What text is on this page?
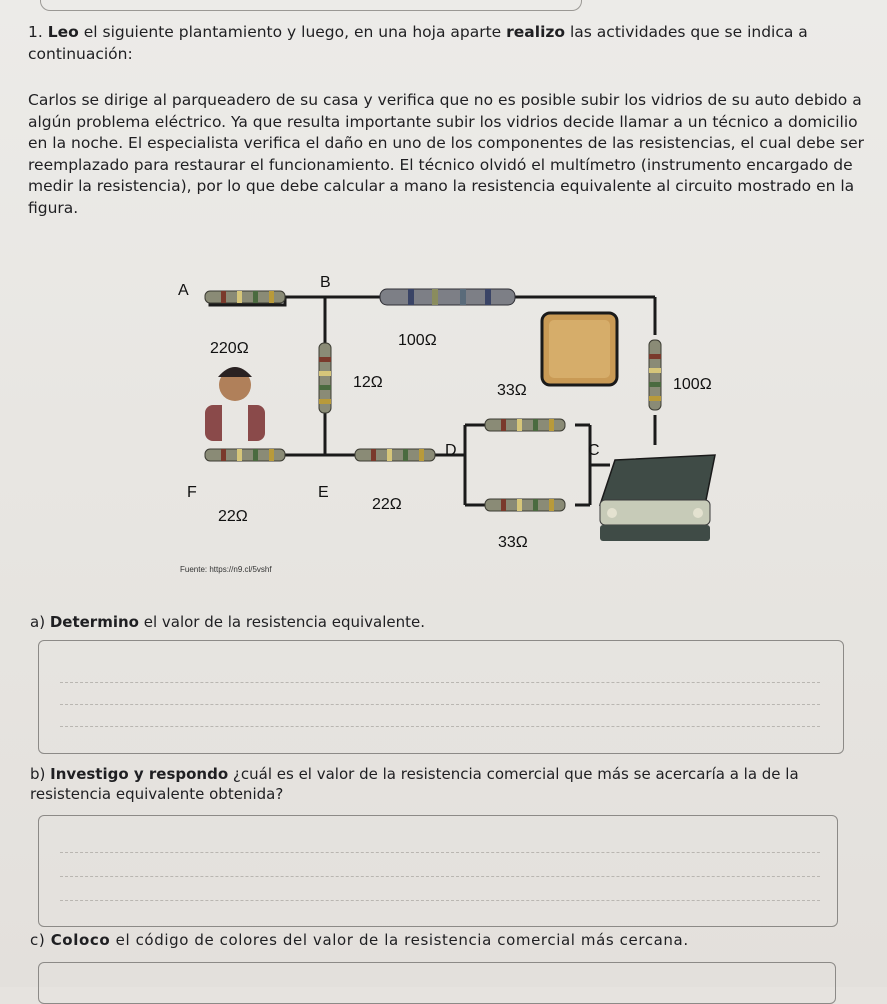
1. Leo el siguiente plantamiento y luego, en una hoja aparte realizo las actividades que se indica a continuación:
Carlos se dirige al parqueadero de su casa y verifica que no es posible subir los vidrios de su auto debido a algún problema eléctrico. Ya que resulta importante subir los vidrios decide llamar a un técnico a domicilio en la noche. El especialista verifica el daño en uno de los componentes de las resistencias, el cual debe ser reemplazado para restaurar el funcionamiento. El técnico olvidó el multímetro (instrumento encargado de medir la resistencia), por lo que debe calcular a mano la resistencia equivalente al circuito mostrado en la figura.
A	B
C
D
E
F
220Ω	100Ω
12Ω	33Ω	100Ω
22Ω
22Ω
33Ω
Fuente: https://n9.cl/5vshf
a) Determino el valor de la resistencia equivalente.
b) Investigo y respondo ¿cuál es el valor de la resistencia comercial que más se acercaría a la de la resistencia equivalente obtenida?
c) Coloco el código de colores del valor de la resistencia comercial más cercana.
